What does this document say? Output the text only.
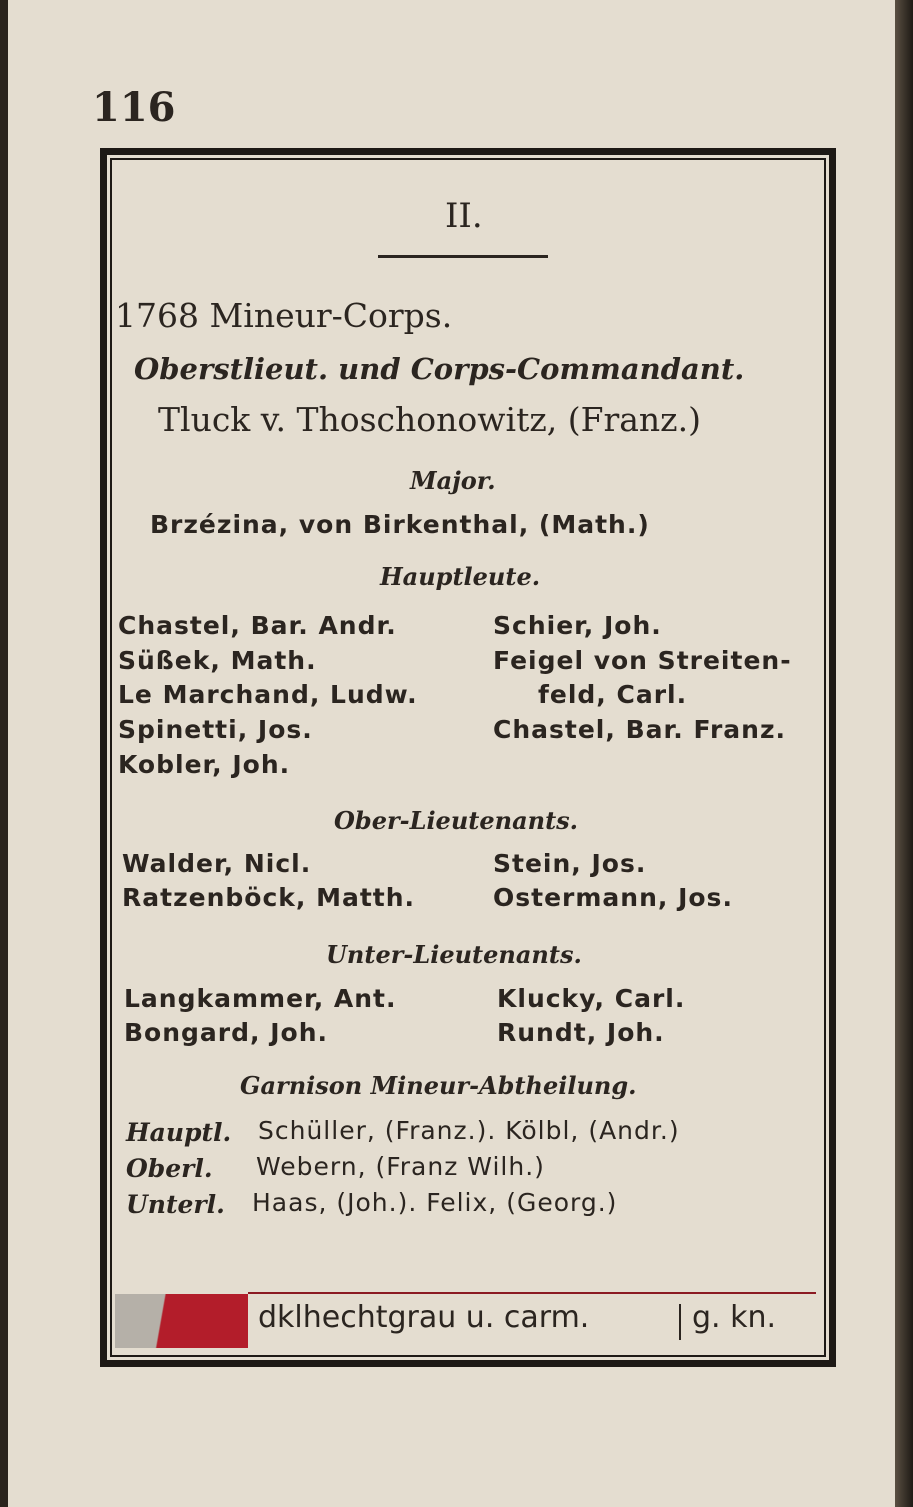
116
II.
1768 Mineur-Corps.
Oberstlieut. und Corps-Commandant.
Tluck v. Thoschonowitz, (Franz.)
Major.
Brzézina, von Birkenthal, (Math.)
Hauptleute.
Chastel, Bar. Andr.
Süßek, Math.
Le Marchand, Ludw.
Spinetti, Jos.
Kobler, Joh.
Schier, Joh.
Feigel von Streiten-
feld, Carl.
Chastel, Bar. Franz.
Ober-Lieutenants.
Walder, Nicl.
Ratzenböck, Matth.
Stein, Jos.
Ostermann, Jos.
Unter-Lieutenants.
Langkammer, Ant.
Bongard, Joh.
Klucky, Carl.
Rundt, Joh.
Garnison Mineur-Abtheilung.
Hauptl. Schüller, (Franz.). Kölbl, (Andr.)
Oberl. Webern, (Franz Wilh.)
Unterl. Haas, (Joh.). Felix, (Georg.)
dklhechtgrau u. carm.	g. kn.
